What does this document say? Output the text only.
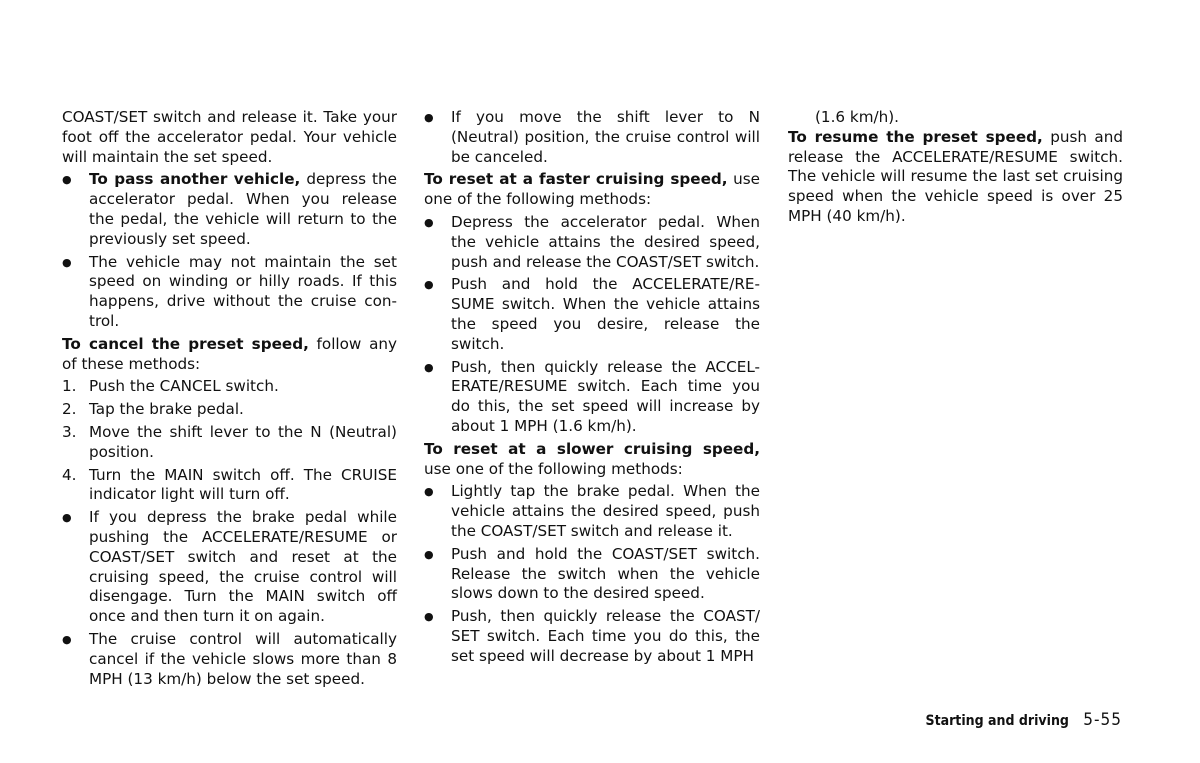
COAST/SET switch and release it. Take your foot off the accelerator pedal. Your vehicle will maintain the set speed.

●	To pass another vehicle, depress the accelerator pedal. When you release the pedal, the vehicle will return to the previously set speed.
●	The vehicle may not maintain the set speed on winding or hilly roads. If this happens, drive without the cruise con-trol.

To cancel the preset speed, follow any of these methods:

1. Push the CANCEL switch.
2. Tap the brake pedal.
3. Move the shift lever to the N (Neutral) position.
4. Turn the MAIN switch off. The CRUISE indicator light will turn off.
●	If you depress the brake pedal while pushing the ACCELERATE/RESUME or COAST/SET switch and reset at the cruising speed, the cruise control will disengage. Turn the MAIN switch off once and then turn it on again.
●	The cruise control will automatically cancel if the vehicle slows more than 8 MPH (13 km/h) below the set speed.
●	If you move the shift lever to N (Neutral) position, the cruise control will be canceled.

To reset at a faster cruising speed, use one of the following methods:

●	Depress the accelerator pedal. When the vehicle attains the desired speed, push and release the COAST/SET switch.
●	Push and hold the ACCELERATE/RE-SUME switch. When the vehicle attains the speed you desire, release the switch.
●	Push, then quickly release the ACCEL-ERATE/RESUME switch. Each time you do this, the set speed will increase by about 1 MPH (1.6 km/h).

To reset at a slower cruising speed, use one of the following methods:

●	Lightly tap the brake pedal. When the vehicle attains the desired speed, push the COAST/SET switch and release it.
●	Push and hold the COAST/SET switch. Release the switch when the vehicle slows down to the desired speed.
●	Push, then quickly release the COAST/ SET switch. Each time you do this, the set speed will decrease by about 1 MPH

(1.6 km/h).

To resume the preset speed, push and release the ACCELERATE/RESUME switch. The vehicle will resume the last set cruising speed when the vehicle speed is over 25 MPH (40 km/h).

Starting and driving 5-55
